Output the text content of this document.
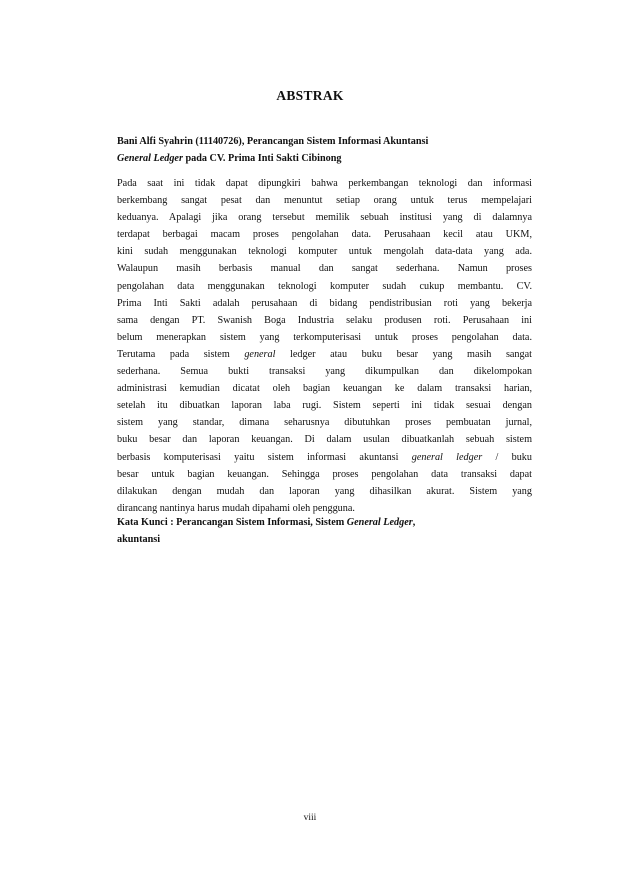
ABSTRAK
Bani Alfi Syahrin (11140726), Perancangan Sistem Informasi Akuntansi
General Ledger pada CV. Prima Inti Sakti Cibinong
Pada saat ini tidak dapat dipungkiri bahwa perkembangan teknologi dan informasi
berkembang sangat pesat dan menuntut setiap orang untuk terus mempelajari
keduanya. Apalagi jika orang tersebut memilik sebuah institusi yang di dalamnya
terdapat berbagai macam proses pengolahan data. Perusahaan kecil atau UKM,
kini sudah menggunakan teknologi komputer untuk mengolah data-data yang ada.
Walaupun masih berbasis manual dan sangat sederhana. Namun proses
pengolahan data menggunakan teknologi komputer sudah cukup membantu. CV.
Prima Inti Sakti adalah perusahaan di bidang pendistribusian roti yang bekerja
sama dengan PT. Swanish Boga Industria selaku produsen roti. Perusahaan ini
belum menerapkan sistem yang terkomputerisasi untuk proses pengolahan data.
Terutama pada sistem general ledger atau buku besar yang masih sangat
sederhana. Semua bukti transaksi yang dikumpulkan dan dikelompokan
administrasi kemudian dicatat oleh bagian keuangan ke dalam transaksi harian,
setelah itu dibuatkan laporan laba rugi. Sistem seperti ini tidak sesuai dengan
sistem yang standar, dimana seharusnya dibutuhkan proses pembuatan jurnal,
buku besar dan laporan keuangan. Di dalam usulan dibuatkanlah sebuah sistem
berbasis komputerisasi yaitu sistem informasi akuntansi general ledger / buku
besar untuk bagian keuangan. Sehingga proses pengolahan data transaksi dapat
dilakukan dengan mudah dan laporan yang dihasilkan akurat. Sistem yang
dirancang nantinya harus mudah dipahami oleh pengguna.
Kata Kunci : Perancangan Sistem Informasi, Sistem General Ledger,
akuntansi
viii
